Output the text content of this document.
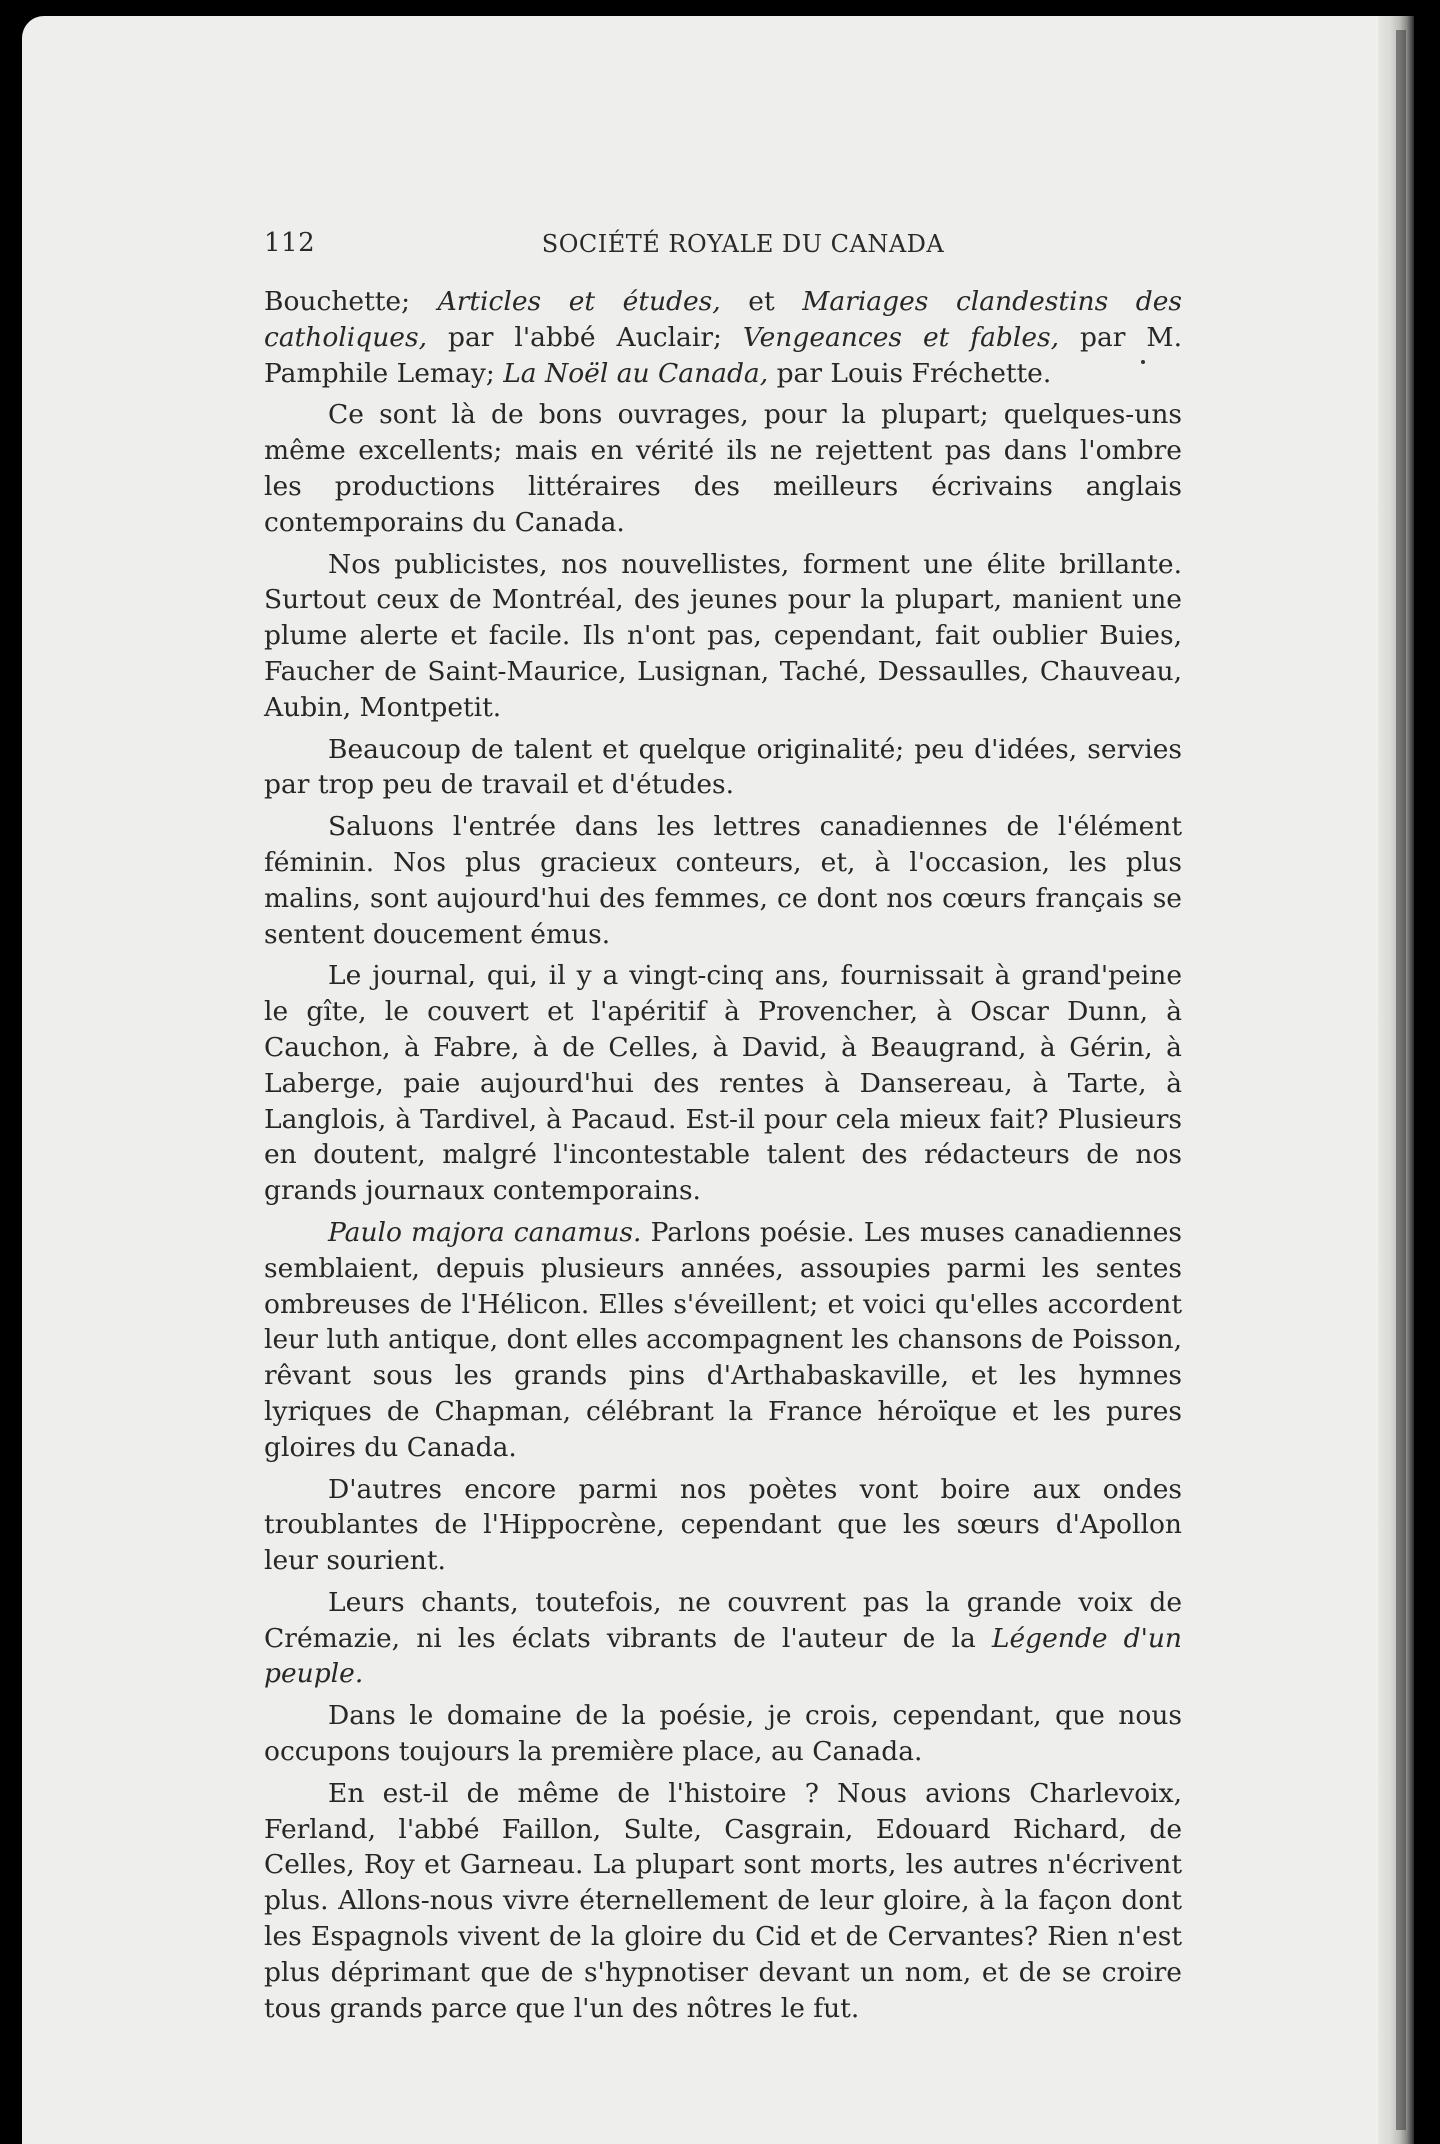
112	SOCIÉTÉ ROYALE DU CANADA

Bouchette; Articles et études, et Mariages clandestins des catholiques, par l'abbé Auclair; Vengeances et fables, par M. Pamphile Lemay; La Noël au Canada, par Louis Fréchette.

Ce sont là de bons ouvrages, pour la plupart; quelques-uns même excellents; mais en vérité ils ne rejettent pas dans l'ombre les productions littéraires des meilleurs écrivains anglais contemporains du Canada.

Nos publicistes, nos nouvellistes, forment une élite brillante. Surtout ceux de Montréal, des jeunes pour la plupart, manient une plume alerte et facile. Ils n'ont pas, cependant, fait oublier Buies, Faucher de Saint-Maurice, Lusignan, Taché, Dessaulles, Chauveau, Aubin, Montpetit.

Beaucoup de talent et quelque originalité; peu d'idées, servies par trop peu de travail et d'études.

Saluons l'entrée dans les lettres canadiennes de l'élément féminin. Nos plus gracieux conteurs, et, à l'occasion, les plus malins, sont aujourd'hui des femmes, ce dont nos cœurs français se sentent doucement émus.

Le journal, qui, il y a vingt-cinq ans, fournissait à grand'peine le gîte, le couvert et l'apéritif à Provencher, à Oscar Dunn, à Cauchon, à Fabre, à de Celles, à David, à Beaugrand, à Gérin, à Laberge, paie aujourd'hui des rentes à Dansereau, à Tarte, à Langlois, à Tardivel, à Pacaud. Est-il pour cela mieux fait? Plusieurs en doutent, malgré l'incontestable talent des rédacteurs de nos grands journaux contemporains.

Paulo majora canamus. Parlons poésie. Les muses canadiennes semblaient, depuis plusieurs années, assoupies parmi les sentes ombreuses de l'Hélicon. Elles s'éveillent; et voici qu'elles accordent leur luth antique, dont elles accompagnent les chansons de Poisson, rêvant sous les grands pins d'Arthabaskaville, et les hymnes lyriques de Chapman, célébrant la France héroïque et les pures gloires du Canada.

D'autres encore parmi nos poètes vont boire aux ondes troublantes de l'Hippocrène, cependant que les sœurs d'Apollon leur sourient.

Leurs chants, toutefois, ne couvrent pas la grande voix de Crémazie, ni les éclats vibrants de l'auteur de la Légende d'un peuple.

Dans le domaine de la poésie, je crois, cependant, que nous occupons toujours la première place, au Canada.

En est-il de même de l'histoire ? Nous avions Charlevoix, Ferland, l'abbé Faillon, Sulte, Casgrain, Edouard Richard, de Celles, Roy et Garneau. La plupart sont morts, les autres n'écrivent plus. Allons-nous vivre éternellement de leur gloire, à la façon dont les Espagnols vivent de la gloire du Cid et de Cervantes? Rien n'est plus déprimant que de s'hypnotiser devant un nom, et de se croire tous grands parce que l'un des nôtres le fut.
